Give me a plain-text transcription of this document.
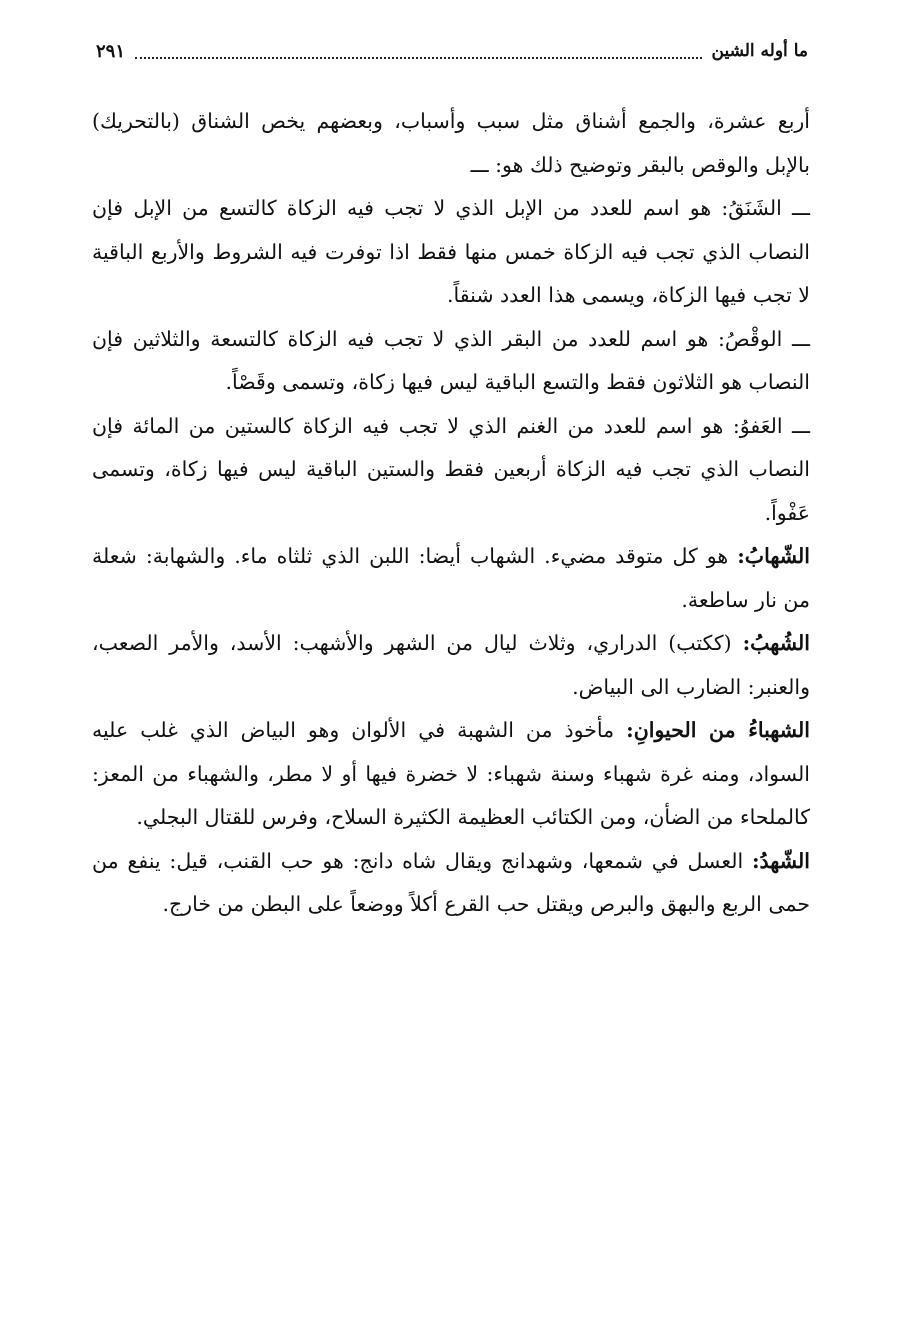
ما أوله الشين
٢٩١

أربع عشرة، والجمع أشناق مثل سبب وأسباب، وبعضهم يخص الشناق (بالتحريك) بالإبل والوقص بالبقر وتوضيح ذلك هو: ـــ

ـــ الشَنَقُ: هو اسم للعدد من الإبل الذي لا تجب فيه الزكاة كالتسع من الإبل فإن النصاب الذي تجب فيه الزكاة خمس منها فقط اذا توفرت فيه الشروط والأربع الباقية لا تجب فيها الزكاة، ويسمى هذا العدد شنقاً.

ـــ الوقْصُ: هو اسم للعدد من البقر الذي لا تجب فيه الزكاة كالتسعة والثلاثين فإن النصاب هو الثلاثون فقط والتسع الباقية ليس فيها زكاة، وتسمى وقَصْاً.

ـــ العَفوُ: هو اسم للعدد من الغنم الذي لا تجب فيه الزكاة كالستين من المائة فإن النصاب الذي تجب فيه الزكاة أربعين فقط والستين الباقية ليس فيها زكاة، وتسمى عَفْواً.

الشّهابُ: هو كل متوقد مضيء. الشهاب أيضا: اللبن الذي ثلثاه ماء. والشهابة: شعلة من نار ساطعة.

الشُهبُ: (ككتب) الدراري، وثلاث ليال من الشهر والأشهب: الأسد، والأمر الصعب، والعنبر: الضارب الى البياض.

الشهباءُ من الحيوانِ: مأخوذ من الشهبة في الألوان وهو البياض الذي غلب عليه السواد، ومنه غرة شهباء وسنة شهباء: لا خضرة فيها أو لا مطر، والشهباء من المعز: كالملحاء من الضأن، ومن الكتائب العظيمة الكثيرة السلاح، وفرس للقتال البجلي.

الشّهدُ: العسل في شمعها، وشهدانج ويقال شاه دانج: هو حب القنب، قيل: ينفع من حمى الربع والبهق والبرص ويقتل حب القرع أكلاً ووضعاً على البطن من خارج.
